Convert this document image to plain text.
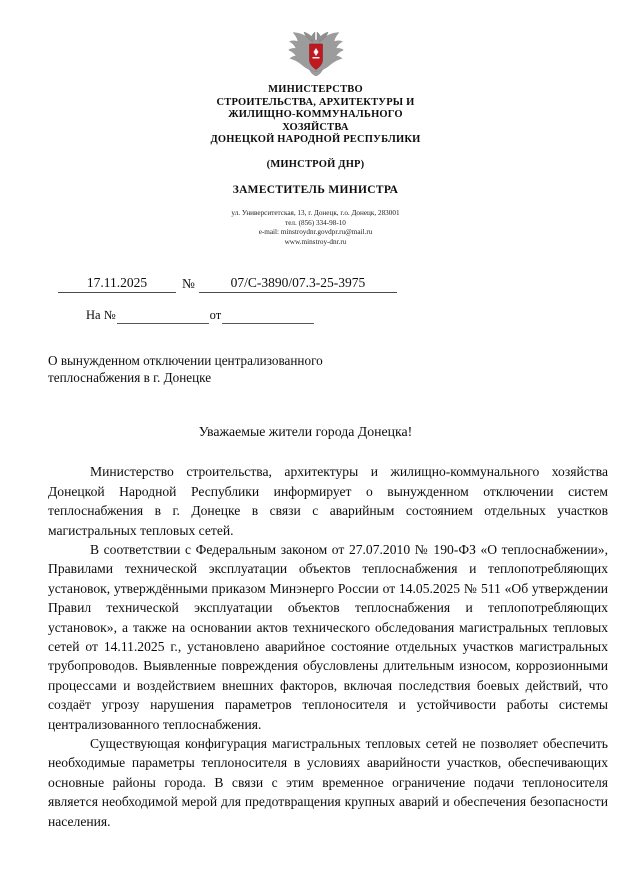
МИНИСТЕРСТВО
СТРОИТЕЛЬСТВА, АРХИТЕКТУРЫ И
ЖИЛИЩНО-КОММУНАЛЬНОГО
ХОЗЯЙСТВА
ДОНЕЦКОЙ НАРОДНОЙ РЕСПУБЛИКИ
(МИНСТРОЙ ДНР)
ЗАМЕСТИТЕЛЬ МИНИСТРА
ул. Университетская, 13, г. Донецк, г.о. Донецк, 283001
тел. (856) 334-98-10
e-mail: minstroydnr.govdpr.ru@mail.ru
www.minstroy-dnr.ru
17.11.2025	№	07/С-3890/07.3-25-3975
На №	от
О вынужденном отключении централизованного теплоснабжения в г. Донецке
Уважаемые жители города Донецка!

Министерство строительства, архитектуры и жилищно-коммунального хозяйства Донецкой Народной Республики информирует о вынужденном отключении систем теплоснабжения в г. Донецке в связи с аварийным состоянием отдельных участков магистральных тепловых сетей.

В соответствии с Федеральным законом от 27.07.2010 № 190-ФЗ «О теплоснабжении», Правилами технической эксплуатации объектов теплоснабжения и теплопотребляющих установок, утверждёнными приказом Минэнерго России от 14.05.2025 № 511 «Об утверждении Правил технической эксплуатации объектов теплоснабжения и теплопотребляющих установок», а также на основании актов технического обследования магистральных тепловых сетей от 14.11.2025 г., установлено аварийное состояние отдельных участков магистральных трубопроводов. Выявленные повреждения обусловлены длительным износом, коррозионными процессами и воздействием внешних факторов, включая последствия боевых действий, что создаёт угрозу нарушения параметров теплоносителя и устойчивости работы системы централизованного теплоснабжения.

Существующая конфигурация магистральных тепловых сетей не позволяет обеспечить необходимые параметры теплоносителя в условиях аварийности участков, обеспечивающих основные районы города. В связи с этим временное ограничение подачи теплоносителя является необходимой мерой для предотвращения крупных аварий и обеспечения безопасности населения.
